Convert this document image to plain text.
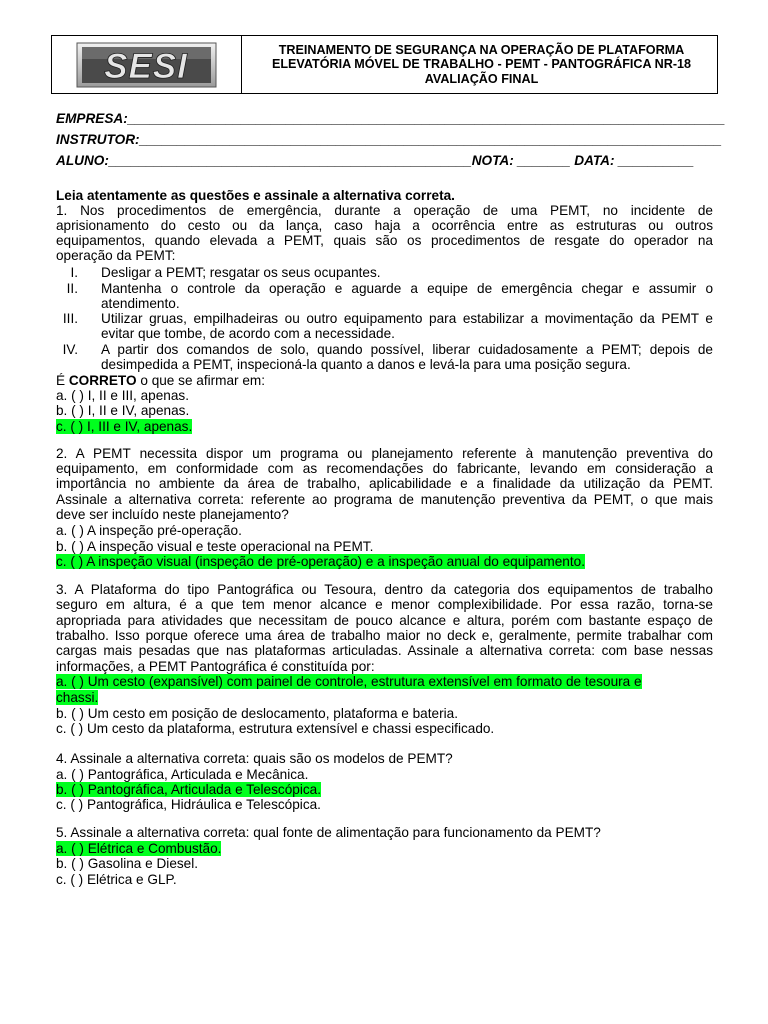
SESI	TREINAMENTO DE SEGURANÇA NA OPERAÇÃO DE PLATAFORMA
ELEVATÓRIA MÓVEL DE TRABALHO - PEMT - PANTOGRÁFICA NR-18
AVALIAÇÃO FINAL
EMPRESA:_______________________________________________________________________________
INSTRUTOR:_____________________________________________________________________________
ALUNO:________________________________________________NOTA: _______ DATA: __________
Leia atentamente as questões e assinale a alternativa correta.
1. Nos procedimentos de emergência, durante a operação de uma PEMT, no incidente de
aprisionamento do cesto ou da lança, caso haja a ocorrência entre as estruturas ou outros
equipamentos, quando elevada a PEMT, quais são os procedimentos de resgate do operador na
operação da PEMT:
I. Desligar a PEMT; resgatar os seus ocupantes.
II. Mantenha o controle da operação e aguarde a equipe de emergência chegar e assumir o
atendimento.
III. Utilizar gruas, empilhadeiras ou outro equipamento para estabilizar a movimentação da PEMT e
evitar que tombe, de acordo com a necessidade.
IV. A partir dos comandos de solo, quando possível, liberar cuidadosamente a PEMT; depois de
desimpedida a PEMT, inspecioná-la quanto a danos e levá-la para uma posição segura.
É CORRETO o que se afirmar em:
a. ( ) I, II e III, apenas.
b. ( ) I, II e IV, apenas.
c. ( ) I, III e IV, apenas.
2. A PEMT necessita dispor um programa ou planejamento referente à manutenção preventiva do
equipamento, em conformidade com as recomendações do fabricante, levando em consideração a
importância no ambiente da área de trabalho, aplicabilidade e a finalidade da utilização da PEMT.
Assinale a alternativa correta: referente ao programa de manutenção preventiva da PEMT, o que mais
deve ser incluído neste planejamento?
a. ( ) A inspeção pré-operação.
b. ( ) A inspeção visual e teste operacional na PEMT.
c. ( ) A inspeção visual (inspeção de pré-operação) e a inspeção anual do equipamento.
3. A Plataforma do tipo Pantográfica ou Tesoura, dentro da categoria dos equipamentos de trabalho
seguro em altura, é a que tem menor alcance e menor complexibilidade. Por essa razão, torna-se
apropriada para atividades que necessitam de pouco alcance e altura, porém com bastante espaço de
trabalho. Isso porque oferece uma área de trabalho maior no deck e, geralmente, permite trabalhar com
cargas mais pesadas que nas plataformas articuladas. Assinale a alternativa correta: com base nessas
informações, a PEMT Pantográfica é constituída por:
a. ( ) Um cesto (expansível) com painel de controle, estrutura extensível em formato de tesoura e
chassi.
b. ( ) Um cesto em posição de deslocamento, plataforma e bateria.
c. ( ) Um cesto da plataforma, estrutura extensível e chassi especificado.
4. Assinale a alternativa correta: quais são os modelos de PEMT?
a. ( ) Pantográfica, Articulada e Mecânica.
b. ( ) Pantográfica, Articulada e Telescópica.
c. ( ) Pantográfica, Hidráulica e Telescópica.
5. Assinale a alternativa correta: qual fonte de alimentação para funcionamento da PEMT?
a. ( ) Elétrica e Combustão.
b. ( ) Gasolina e Diesel.
c. ( ) Elétrica e GLP.
